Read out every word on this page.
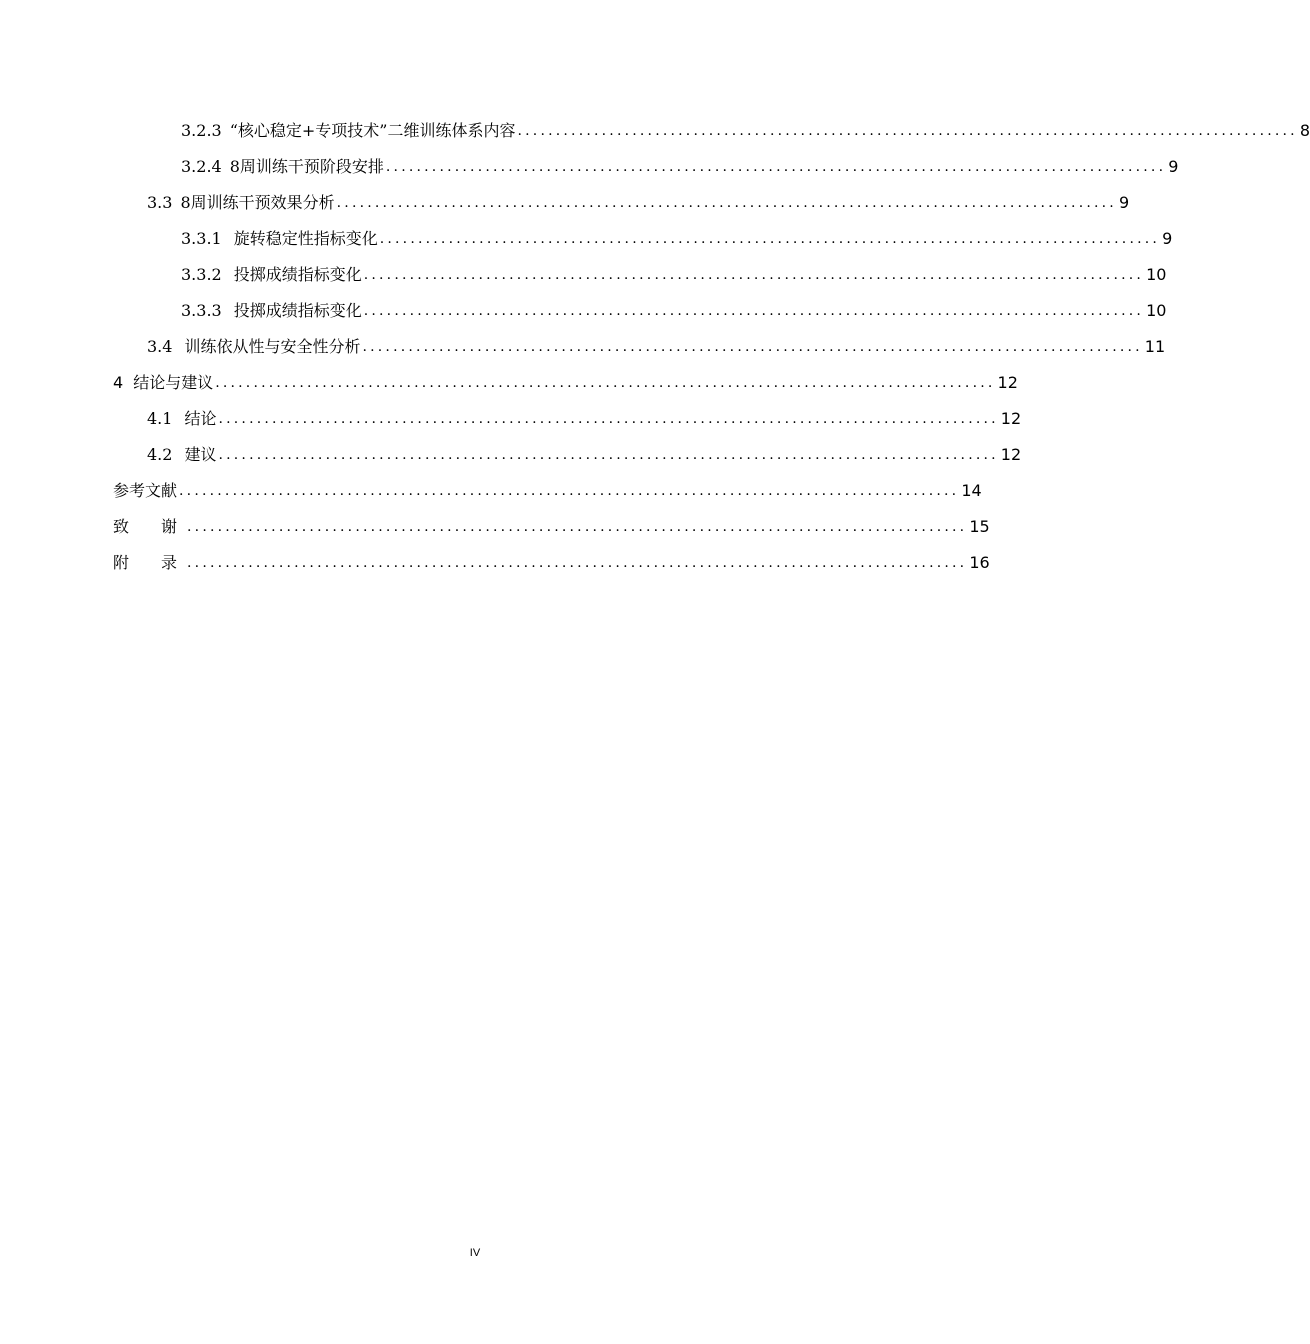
3.2.3 “核心稳定+专项技术”二维训练体系内容 ...................................................................................................... 8
3.2.4 8周训练干预阶段安排 ...................................................................................................... 9
3.3 8周训练干预效果分析 ...................................................................................................... 9
3.3.1 旋转稳定性指标变化 ...................................................................................................... 9
3.3.2 投掷成绩指标变化 ...................................................................................................... 10
3.3.3 投掷成绩指标变化 ...................................................................................................... 10
3.4 训练依从性与安全性分析 ...................................................................................................... 11
4 结论与建议 ...................................................................................................... 12
4.1 结论 ...................................................................................................... 12
4.2 建议 ...................................................................................................... 12
参考文献 ...................................................................................................... 14
致　谢 ...................................................................................................... 15
附　录 ...................................................................................................... 16
IV
